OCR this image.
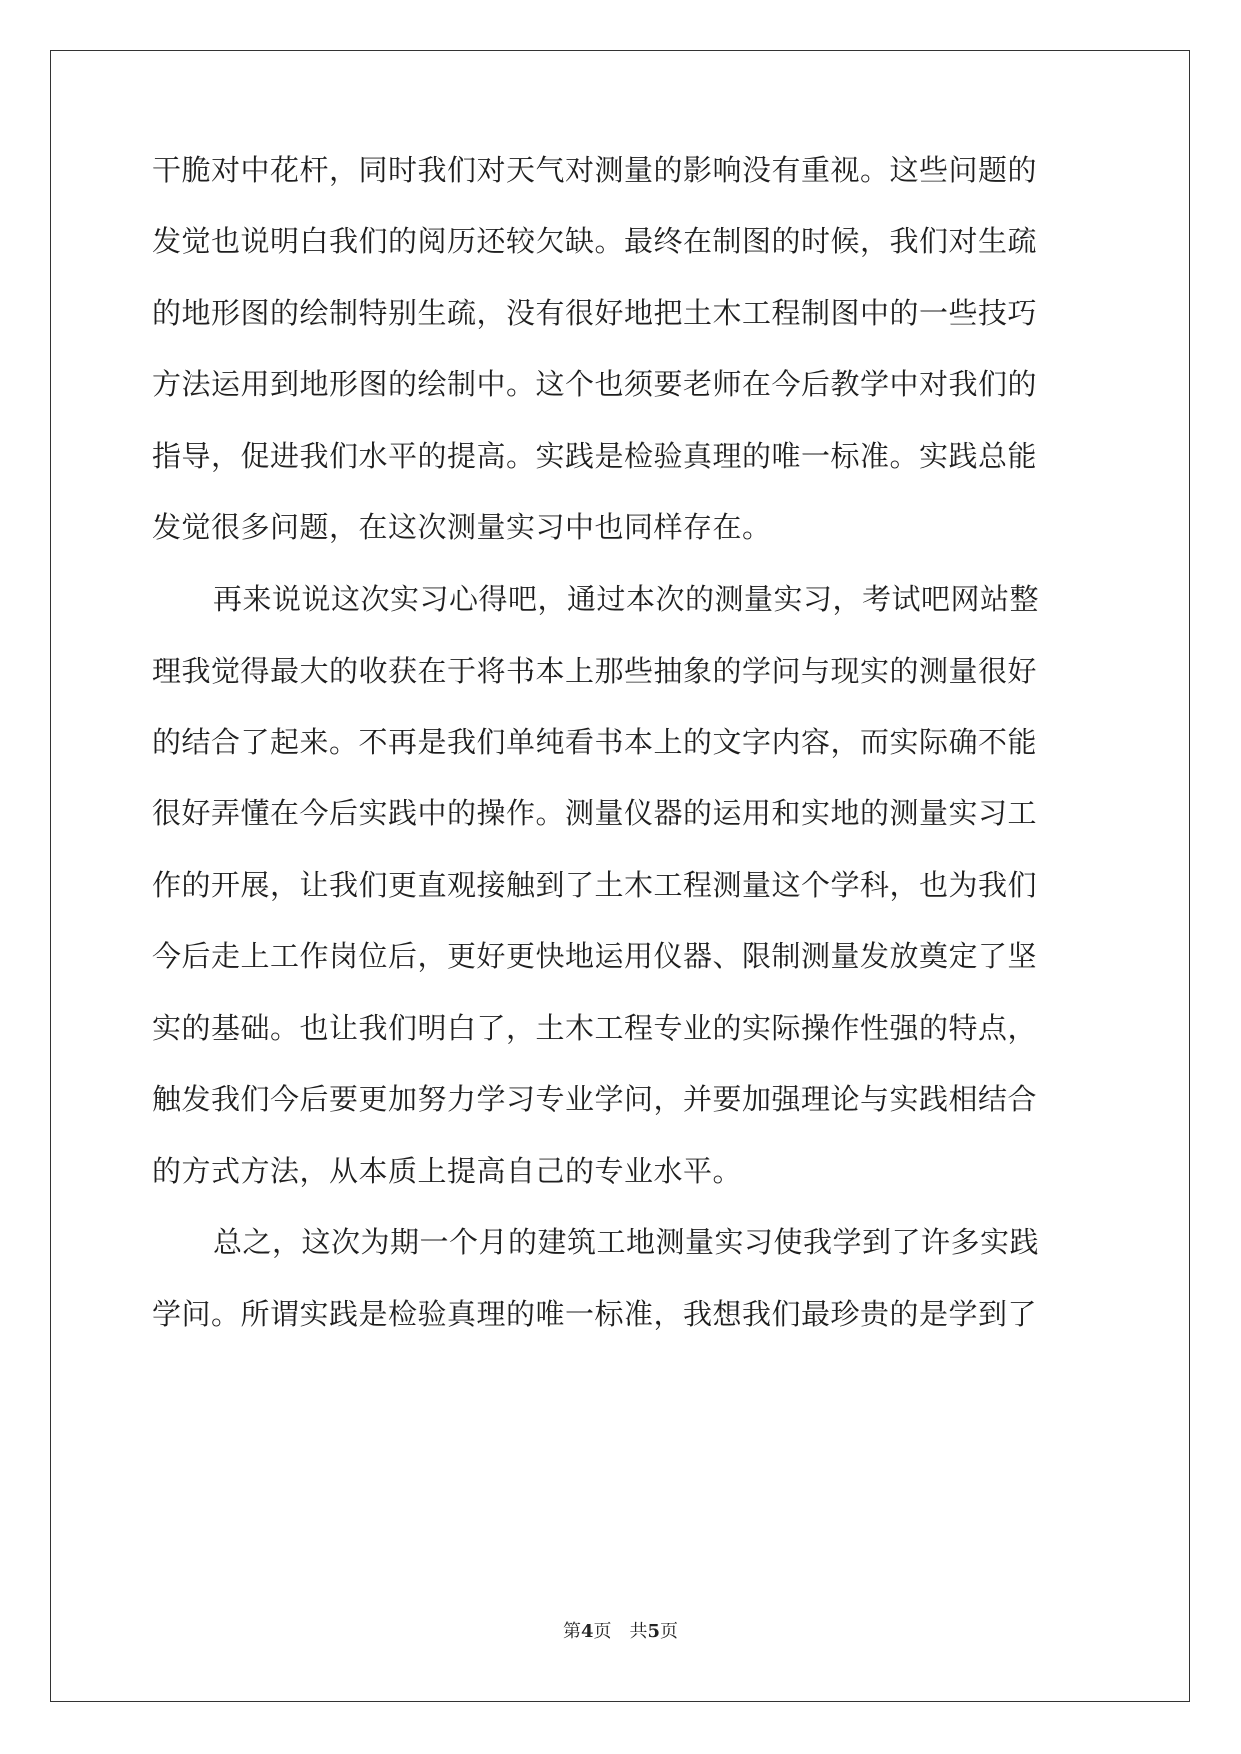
干脆对中花杆，同时我们对天气对测量的影响没有重视。这些问题的
发觉也说明白我们的阅历还较欠缺。最终在制图的时候，我们对生疏
的地形图的绘制特别生疏，没有很好地把土木工程制图中的一些技巧
方法运用到地形图的绘制中。这个也须要老师在今后教学中对我们的
指导，促进我们水平的提高。实践是检验真理的唯一标准。实践总能
发觉很多问题，在这次测量实习中也同样存在。
再来说说这次实习心得吧，通过本次的测量实习，考试吧网站整
理我觉得最大的收获在于将书本上那些抽象的学问与现实的测量很好
的结合了起来。不再是我们单纯看书本上的文字内容，而实际确不能
很好弄懂在今后实践中的操作。测量仪器的运用和实地的测量实习工
作的开展，让我们更直观接触到了土木工程测量这个学科，也为我们
今后走上工作岗位后，更好更快地运用仪器、限制测量发放奠定了坚
实的基础。也让我们明白了，土木工程专业的实际操作性强的特点，
触发我们今后要更加努力学习专业学问，并要加强理论与实践相结合
的方式方法，从本质上提高自己的专业水平。
总之，这次为期一个月的建筑工地测量实习使我学到了许多实践
学问。所谓实践是检验真理的唯一标准，我想我们最珍贵的是学到了
第4页 共5页
